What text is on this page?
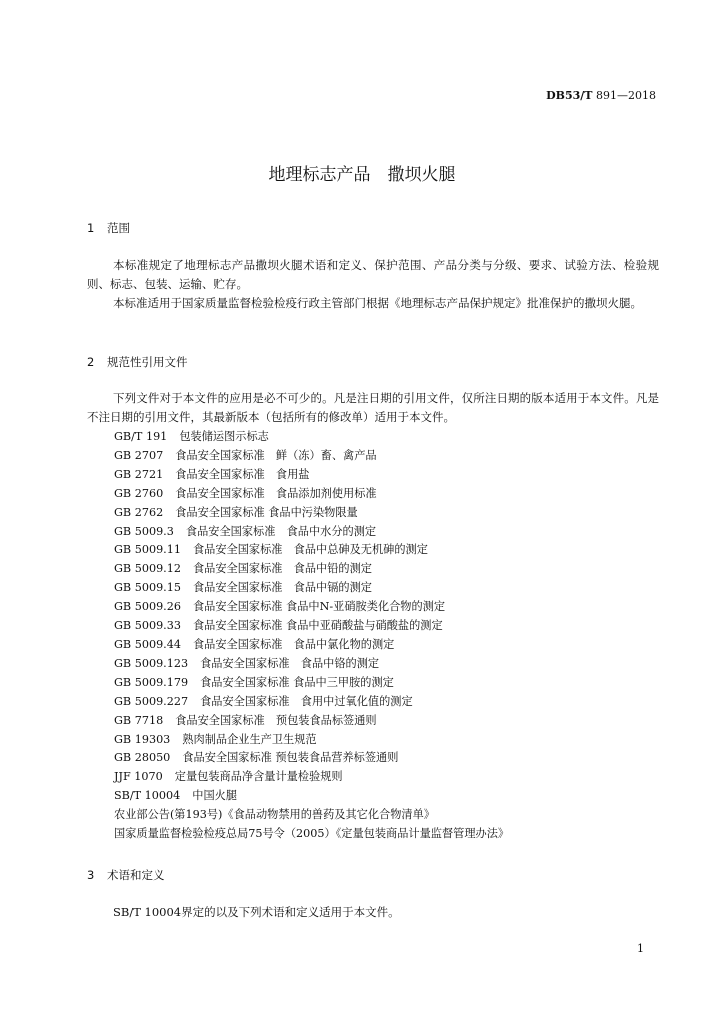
DB53/T 891—2018
地理标志产品　撒坝火腿
1 范围
本标准规定了地理标志产品撒坝火腿术语和定义、保护范围、产品分类与分级、要求、试验方法、检验规则、标志、包装、运输、贮存。
本标准适用于国家质量监督检验检疫行政主管部门根据《地理标志产品保护规定》批准保护的撒坝火腿。
2 规范性引用文件
下列文件对于本文件的应用是必不可少的。凡是注日期的引用文件，仅所注日期的版本适用于本文件。凡是不注日期的引用文件，其最新版本（包括所有的修改单）适用于本文件。
GB/T 191 包装储运图示标志
GB 2707 食品安全国家标准　鲜（冻）畜、禽产品
GB 2721 食品安全国家标准　食用盐
GB 2760 食品安全国家标准　食品添加剂使用标准
GB 2762 食品安全国家标准 食品中污染物限量
GB 5009.3 食品安全国家标准　食品中水分的测定
GB 5009.11 食品安全国家标准　食品中总砷及无机砷的测定
GB 5009.12 食品安全国家标准　食品中铅的测定
GB 5009.15 食品安全国家标准　食品中镉的测定
GB 5009.26 食品安全国家标准 食品中N-亚硝胺类化合物的测定
GB 5009.33 食品安全国家标准 食品中亚硝酸盐与硝酸盐的测定
GB 5009.44 食品安全国家标准　食品中氯化物的测定
GB 5009.123 食品安全国家标准　食品中铬的测定
GB 5009.179 食品安全国家标准 食品中三甲胺的测定
GB 5009.227 食品安全国家标准　食用中过氧化值的测定
GB 7718 食品安全国家标准　预包装食品标签通则
GB 19303 熟肉制品企业生产卫生规范
GB 28050 食品安全国家标准 预包装食品营养标签通则
JJF 1070 定量包装商品净含量计量检验规则
SB/T 10004 中国火腿
农业部公告(第193号)《食品动物禁用的兽药及其它化合物清单》
国家质量监督检验检疫总局75号令（2005）《定量包装商品计量监督管理办法》
3 术语和定义
SB/T 10004界定的以及下列术语和定义适用于本文件。
1
